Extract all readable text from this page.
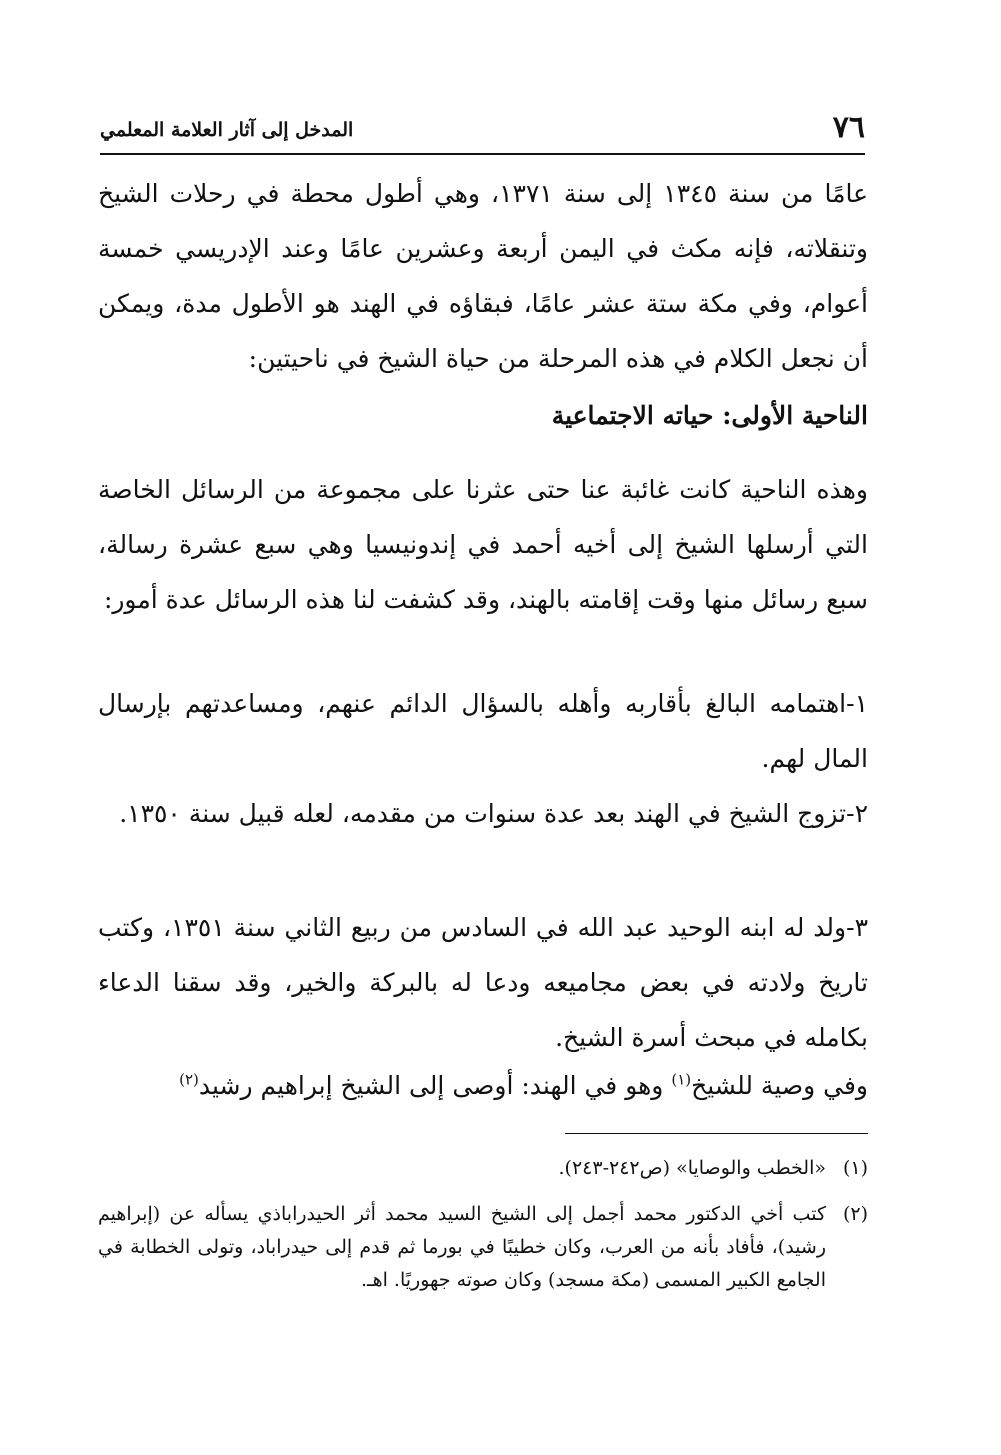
٧٦
المدخل إلى آثار العلامة المعلمي

عامًا من سنة ١٣٤٥ إلى سنة ١٣٧١، وهي أطول محطة في رحلات الشيخ وتنقلاته، فإنه مكث في اليمن أربعة وعشرين عامًا وعند الإدريسي خمسة أعوام، وفي مكة ستة عشر عامًا، فبقاؤه في الهند هو الأطول مدة، ويمكن أن نجعل الكلام في هذه المرحلة من حياة الشيخ في ناحيتين:

الناحية الأولى: حياته الاجتماعية

وهذه الناحية كانت غائبة عنا حتى عثرنا على مجموعة من الرسائل الخاصة التي أرسلها الشيخ إلى أخيه أحمد في إندونيسيا وهي سبع عشرة رسالة، سبع رسائل منها وقت إقامته بالهند، وقد كشفت لنا هذه الرسائل عدة أمور:

١-اهتمامه البالغ بأقاربه وأهله بالسؤال الدائم عنهم، ومساعدتهم بإرسال المال لهم.

٢-تزوج الشيخ في الهند بعد عدة سنوات من مقدمه، لعله قبيل سنة ١٣٥٠.

٣-ولد له ابنه الوحيد عبد الله في السادس من ربيع الثاني سنة ١٣٥١، وكتب تاريخ ولادته في بعض مجاميعه ودعا له بالبركة والخير، وقد سقنا الدعاء بكامله في مبحث أسرة الشيخ.

وفي وصية للشيخ$^{(١)}$ وهو في الهند: أوصى إلى الشيخ إبراهيم رشيد$^{(٢)}$

(١)
«الخطب والوصايا» (ص٢٤٢-٢٤٣).
(٢)
كتب أخي الدكتور محمد أجمل إلى الشيخ السيد محمد أثر الحيدراباذي يسأله عن (إبراهيم رشيد)، فأفاد بأنه من العرب، وكان خطيبًا في بورما ثم قدم إلى حيدراباد، وتولى الخطابة في الجامع الكبير المسمى (مكة مسجد) وكان صوته جهوريًا. اهـ.
